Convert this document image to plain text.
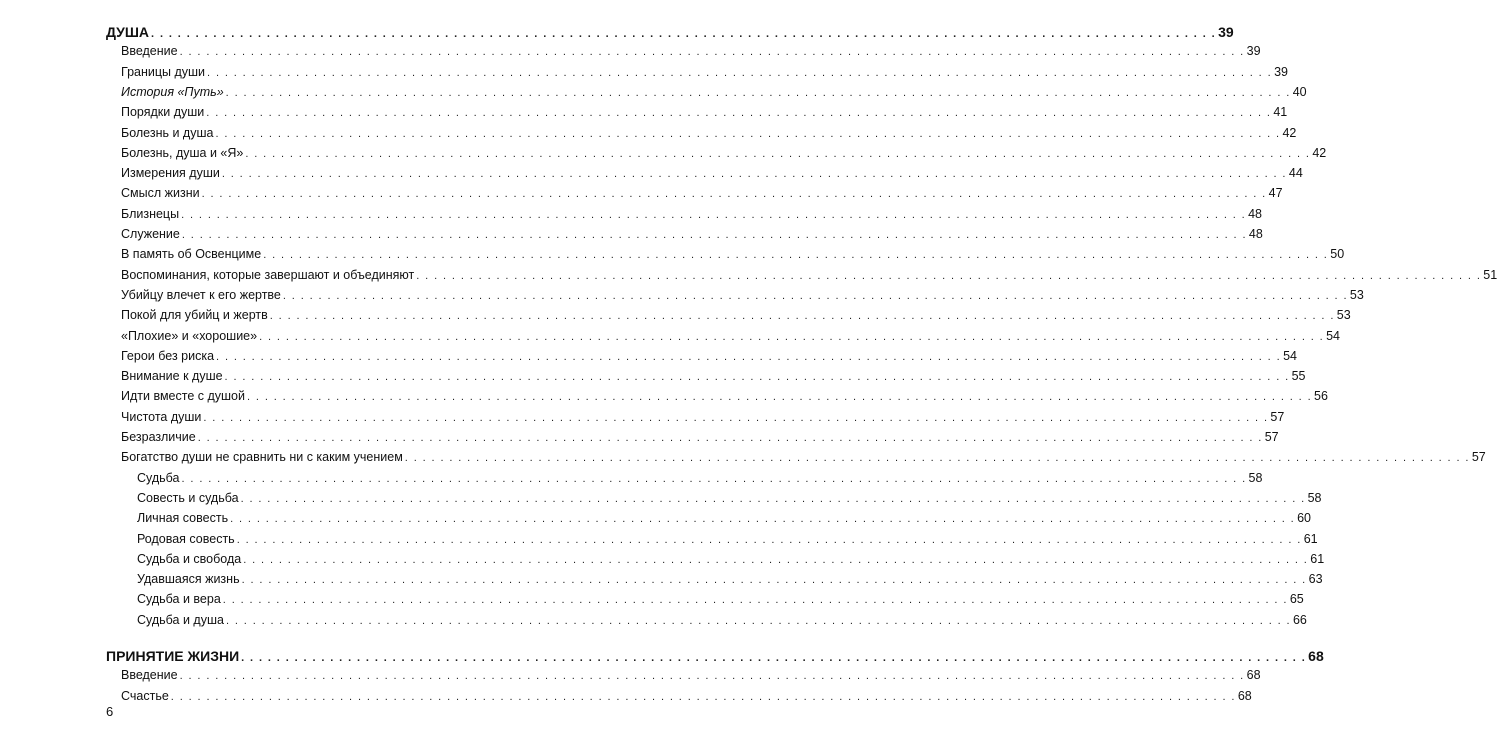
ДУША . . . . . . . . . . . . . . . . . . . . . . . . . . . . . . . . . . . . . . . . . . . . . . . . . . . . . . . . . . . . . . . . . . . . . . . . . . . . . . . . . . . . . . . . . . . . . . . . . . . . . . . . . . . . . . . . . . . . . . . . 39
Введение . . . . . . . . . . . . . . . . . . . . . . . . . . . . . . . . . . . . . . . . . . . . . . . . . . . . . . . . . . . . . . . . . . . . . . . . . . . . . . . . . . . . . . . . . . . . . . . . . . . . . . . . . . . . . . . . . . . . . . . . 39
Границы души . . . . . . . . . . . . . . . . . . . . . . . . . . . . . . . . . . . . . . . . . . . . . . . . . . . . . . . . . . . . . . . . . . . . . . . . . . . . . . . . . . . . . . . . . . . . . . . . . . . . . . . . . . . . . . . . . . . . . . . . 39
История «Путь» . . . . . . . . . . . . . . . . . . . . . . . . . . . . . . . . . . . . . . . . . . . . . . . . . . . . . . . . . . . . . . . . . . . . . . . . . . . . . . . . . . . . . . . . . . . . . . . . . . . . . . . . . . . . . . . . . . . . . . . . 40
Порядки души . . . . . . . . . . . . . . . . . . . . . . . . . . . . . . . . . . . . . . . . . . . . . . . . . . . . . . . . . . . . . . . . . . . . . . . . . . . . . . . . . . . . . . . . . . . . . . . . . . . . . . . . . . . . . . . . . . . . . . . . 41
Болезнь и душа . . . . . . . . . . . . . . . . . . . . . . . . . . . . . . . . . . . . . . . . . . . . . . . . . . . . . . . . . . . . . . . . . . . . . . . . . . . . . . . . . . . . . . . . . . . . . . . . . . . . . . . . . . . . . . . . . . . . . . . . 42
Болезнь, душа и «Я» . . . . . . . . . . . . . . . . . . . . . . . . . . . . . . . . . . . . . . . . . . . . . . . . . . . . . . . . . . . . . . . . . . . . . . . . . . . . . . . . . . . . . . . . . . . . . . . . . . . . . . . . . . . . . . . . . . . . . . . . 42
Измерения души . . . . . . . . . . . . . . . . . . . . . . . . . . . . . . . . . . . . . . . . . . . . . . . . . . . . . . . . . . . . . . . . . . . . . . . . . . . . . . . . . . . . . . . . . . . . . . . . . . . . . . . . . . . . . . . . . . . . . . . . 44
Смысл жизни . . . . . . . . . . . . . . . . . . . . . . . . . . . . . . . . . . . . . . . . . . . . . . . . . . . . . . . . . . . . . . . . . . . . . . . . . . . . . . . . . . . . . . . . . . . . . . . . . . . . . . . . . . . . . . . . . . . . . . . . 47
Близнецы . . . . . . . . . . . . . . . . . . . . . . . . . . . . . . . . . . . . . . . . . . . . . . . . . . . . . . . . . . . . . . . . . . . . . . . . . . . . . . . . . . . . . . . . . . . . . . . . . . . . . . . . . . . . . . . . . . . . . . . . 48
Служение . . . . . . . . . . . . . . . . . . . . . . . . . . . . . . . . . . . . . . . . . . . . . . . . . . . . . . . . . . . . . . . . . . . . . . . . . . . . . . . . . . . . . . . . . . . . . . . . . . . . . . . . . . . . . . . . . . . . . . . . 48
В память об Освенциме . . . . . . . . . . . . . . . . . . . . . . . . . . . . . . . . . . . . . . . . . . . . . . . . . . . . . . . . . . . . . . . . . . . . . . . . . . . . . . . . . . . . . . . . . . . . . . . . . . . . . . . . . . . . . . . . . . . . . . . . 50
Воспоминания, которые завершают и объединяют . . . . . . . . . . . . . . . . . . . . . . . . . . . . . . . . . . . . . . . . . . . . . . . . . . . . . . . . . . . . . . . . . . . . . . . . . . . . . . . . . . . . . . . . . . . . . . . . . . . . . . . . . . . . . . . . . . . . . . . . 51
Убийцу влечет к его жертве . . . . . . . . . . . . . . . . . . . . . . . . . . . . . . . . . . . . . . . . . . . . . . . . . . . . . . . . . . . . . . . . . . . . . . . . . . . . . . . . . . . . . . . . . . . . . . . . . . . . . . . . . . . . . . . . . . . . . . . . 53
Покой для убийц и жертв . . . . . . . . . . . . . . . . . . . . . . . . . . . . . . . . . . . . . . . . . . . . . . . . . . . . . . . . . . . . . . . . . . . . . . . . . . . . . . . . . . . . . . . . . . . . . . . . . . . . . . . . . . . . . . . . . . . . . . . . 53
«Плохие» и «хорошие» . . . . . . . . . . . . . . . . . . . . . . . . . . . . . . . . . . . . . . . . . . . . . . . . . . . . . . . . . . . . . . . . . . . . . . . . . . . . . . . . . . . . . . . . . . . . . . . . . . . . . . . . . . . . . . . . . . . . . . . . 54
Герои без риска . . . . . . . . . . . . . . . . . . . . . . . . . . . . . . . . . . . . . . . . . . . . . . . . . . . . . . . . . . . . . . . . . . . . . . . . . . . . . . . . . . . . . . . . . . . . . . . . . . . . . . . . . . . . . . . . . . . . . . . . 54
Внимание к душе . . . . . . . . . . . . . . . . . . . . . . . . . . . . . . . . . . . . . . . . . . . . . . . . . . . . . . . . . . . . . . . . . . . . . . . . . . . . . . . . . . . . . . . . . . . . . . . . . . . . . . . . . . . . . . . . . . . . . . . . 55
Идти вместе с душой . . . . . . . . . . . . . . . . . . . . . . . . . . . . . . . . . . . . . . . . . . . . . . . . . . . . . . . . . . . . . . . . . . . . . . . . . . . . . . . . . . . . . . . . . . . . . . . . . . . . . . . . . . . . . . . . . . . . . . . . 56
Чистота души . . . . . . . . . . . . . . . . . . . . . . . . . . . . . . . . . . . . . . . . . . . . . . . . . . . . . . . . . . . . . . . . . . . . . . . . . . . . . . . . . . . . . . . . . . . . . . . . . . . . . . . . . . . . . . . . . . . . . . . . 57
Безразличие . . . . . . . . . . . . . . . . . . . . . . . . . . . . . . . . . . . . . . . . . . . . . . . . . . . . . . . . . . . . . . . . . . . . . . . . . . . . . . . . . . . . . . . . . . . . . . . . . . . . . . . . . . . . . . . . . . . . . . . . 57
Богатство души не сравнить ни с каким учением . . . . . . . . . . . . . . . . . . . . . . . . . . . . . . . . . . . . . . . . . . . . . . . . . . . . . . . . . . . . . . . . . . . . . . . . . . . . . . . . . . . . . . . . . . . . . . . . . . . . . . . . . . . . . . . . . . . . . . . . 57
Судьба . . . . . . . . . . . . . . . . . . . . . . . . . . . . . . . . . . . . . . . . . . . . . . . . . . . . . . . . . . . . . . . . . . . . . . . . . . . . . . . . . . . . . . . . . . . . . . . . . . . . . . . . . . . . . . . . . . . . . . . . 58
Совесть и судьба . . . . . . . . . . . . . . . . . . . . . . . . . . . . . . . . . . . . . . . . . . . . . . . . . . . . . . . . . . . . . . . . . . . . . . . . . . . . . . . . . . . . . . . . . . . . . . . . . . . . . . . . . . . . . . . . . . . . . . . . 58
Личная совесть . . . . . . . . . . . . . . . . . . . . . . . . . . . . . . . . . . . . . . . . . . . . . . . . . . . . . . . . . . . . . . . . . . . . . . . . . . . . . . . . . . . . . . . . . . . . . . . . . . . . . . . . . . . . . . . . . . . . . . . . 60
Родовая совесть . . . . . . . . . . . . . . . . . . . . . . . . . . . . . . . . . . . . . . . . . . . . . . . . . . . . . . . . . . . . . . . . . . . . . . . . . . . . . . . . . . . . . . . . . . . . . . . . . . . . . . . . . . . . . . . . . . . . . . . . 61
Судьба и свобода . . . . . . . . . . . . . . . . . . . . . . . . . . . . . . . . . . . . . . . . . . . . . . . . . . . . . . . . . . . . . . . . . . . . . . . . . . . . . . . . . . . . . . . . . . . . . . . . . . . . . . . . . . . . . . . . . . . . . . . . 61
Удавшаяся жизнь . . . . . . . . . . . . . . . . . . . . . . . . . . . . . . . . . . . . . . . . . . . . . . . . . . . . . . . . . . . . . . . . . . . . . . . . . . . . . . . . . . . . . . . . . . . . . . . . . . . . . . . . . . . . . . . . . . . . . . . . 63
Судьба и вера . . . . . . . . . . . . . . . . . . . . . . . . . . . . . . . . . . . . . . . . . . . . . . . . . . . . . . . . . . . . . . . . . . . . . . . . . . . . . . . . . . . . . . . . . . . . . . . . . . . . . . . . . . . . . . . . . . . . . . . . 65
Судьба и душа . . . . . . . . . . . . . . . . . . . . . . . . . . . . . . . . . . . . . . . . . . . . . . . . . . . . . . . . . . . . . . . . . . . . . . . . . . . . . . . . . . . . . . . . . . . . . . . . . . . . . . . . . . . . . . . . . . . . . . . . 66
ПРИНЯТИЕ ЖИЗНИ . . . . . . . . . . . . . . . . . . . . . . . . . . . . . . . . . . . . . . . . . . . . . . . . . . . . . . . . . . . . . . . . . . . . . . . . . . . . . . . . . . . . . . . . . . . . . . . . . . . . . . . . . . . . . . . . . . . . . . . . 68
Введение . . . . . . . . . . . . . . . . . . . . . . . . . . . . . . . . . . . . . . . . . . . . . . . . . . . . . . . . . . . . . . . . . . . . . . . . . . . . . . . . . . . . . . . . . . . . . . . . . . . . . . . . . . . . . . . . . . . . . . . . 68
Счастье . . . . . . . . . . . . . . . . . . . . . . . . . . . . . . . . . . . . . . . . . . . . . . . . . . . . . . . . . . . . . . . . . . . . . . . . . . . . . . . . . . . . . . . . . . . . . . . . . . . . . . . . . . . . . . . . . . . . . . . . 68
6
